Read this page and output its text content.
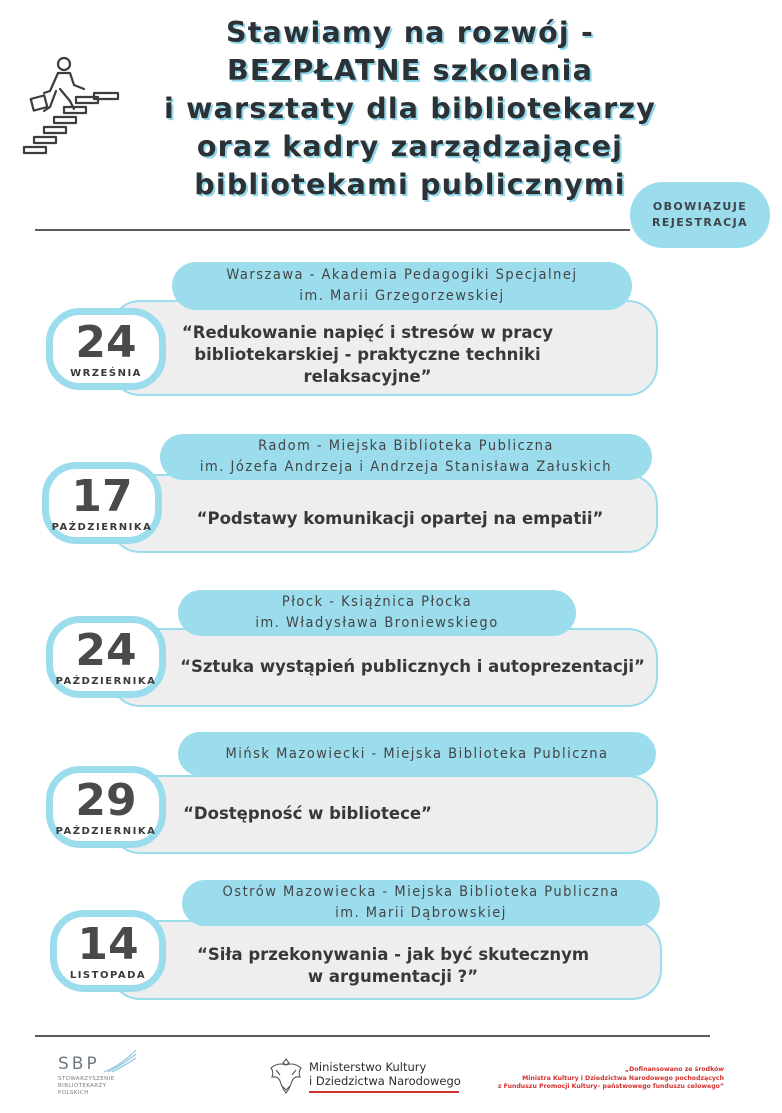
Stawiamy na rozwój -
BEZPŁATNE szkolenia
i warsztaty dla bibliotekarzy
oraz kadry zarządzającej
bibliotekami publicznymi
OBOWIĄZUJE
REJESTRACJA
Warszawa - Akademia Pedagogiki Specjalnej
im. Marii Grzegorzewskiej
24
WRZEŚNIA
“Redukowanie napięć i stresów w pracy
bibliotekarskiej - praktyczne techniki
relaksacyjne”
Radom - Miejska Biblioteka Publiczna
im. Józefa Andrzeja i Andrzeja Stanisława Załuskich
17
PAŹDZIERNIKA	“Podstawy komunikacji opartej na empatii”
Płock - Książnica Płocka
im. Władysława Broniewskiego
24
PAŹDZIERNIKA
“Sztuka wystąpień publicznych i autoprezentacji”
Mińsk Mazowiecki - Miejska Biblioteka Publiczna
29
PAŹDZIERNIKA
“Dostępność w bibliotece”
Ostrów Mazowiecka - Miejska Biblioteka Publiczna
im. Marii Dąbrowskiej
14
LISTOPADA
“Siła przekonywania - jak być skutecznym
w argumentacji ?”
SBP
STOWARZYSZENIE
BIBLIOTEKARZY
POLSKICH
Ministerstwo Kultury
i Dziedzictwa Narodowego
„Dofinansowano ze środków
Ministra Kultury i Dziedzictwa Narodowego pochodzących
z Funduszu Promocji Kultury– państwowego funduszu celowego”
